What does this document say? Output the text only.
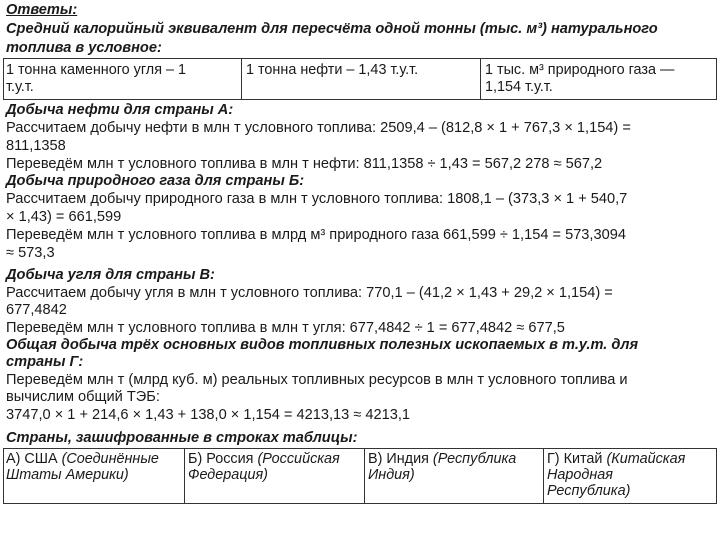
Ответы:
Средний калорийный эквивалент для пересчёта одной тонны (тыс. м³) натурального
топлива в условное:
1 тонна каменного угля – 1
т.у.т.
1 тонна нефти – 1,43 т.у.т.	1 тыс. м³ природного газа —
1,154 т.у.т.
Добыча нефти для страны А:
Рассчитаем добычу нефти в млн т условного топлива: 2509,4 – (812,8 × 1 + 767,3 × 1,154) =
811,1358
Переведём млн т условного топлива в млн т нефти: 811,1358 ÷ 1,43 = 567,2 278 ≈ 567,2
Добыча природного газа для страны Б:
Рассчитаем добычу природного газа в млн т условного топлива: 1808,1 – (373,3 × 1 + 540,7
× 1,43) = 661,599
Переведём млн т условного топлива в млрд м³ природного газа 661,599 ÷ 1,154 = 573,3094
≈ 573,3
Добыча угля для страны В:
Рассчитаем добычу угля в млн т условного топлива: 770,1 – (41,2 × 1,43 + 29,2 × 1,154) =
677,4842
Переведём млн т условного топлива в млн т угля: 677,4842 ÷ 1 = 677,4842 ≈ 677,5
Общая добыча трёх основных видов топливных полезных ископаемых в т.у.т. для
страны Г:
Переведём млн т (млрд куб. м) реальных топливных ресурсов в млн т условного топлива и
вычислим общий ТЭБ:
3747,0 × 1 + 214,6 × 1,43 + 138,0 × 1,154 = 4213,13 ≈ 4213,1
Страны, зашифрованные в строках таблицы:
А) США (Соединённые
Штаты Америки)
Б) Россия (Российская
Федерация)
В) Индия (Республика
Индия)
Г) Китай (Китайская
Народная
Республика)
